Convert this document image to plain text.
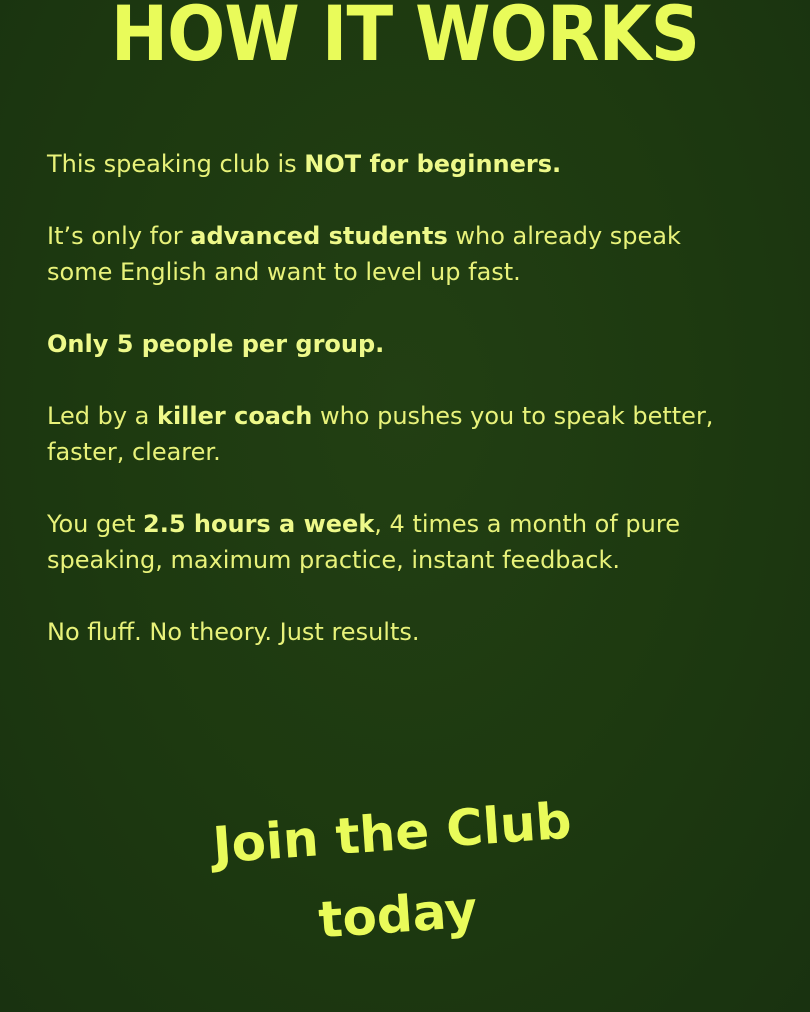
HOW IT WORKS

This speaking club is NOT for beginners.

It’s only for advanced students who already speak some English and want to level up fast.

Only 5 people per group.

Led by a killer coach who pushes you to speak better, faster, clearer.

You get 2.5 hours a week, 4 times a month of pure speaking, maximum practice, instant feedback.

No fluff. No theory. Just results.

Join the Club
today
